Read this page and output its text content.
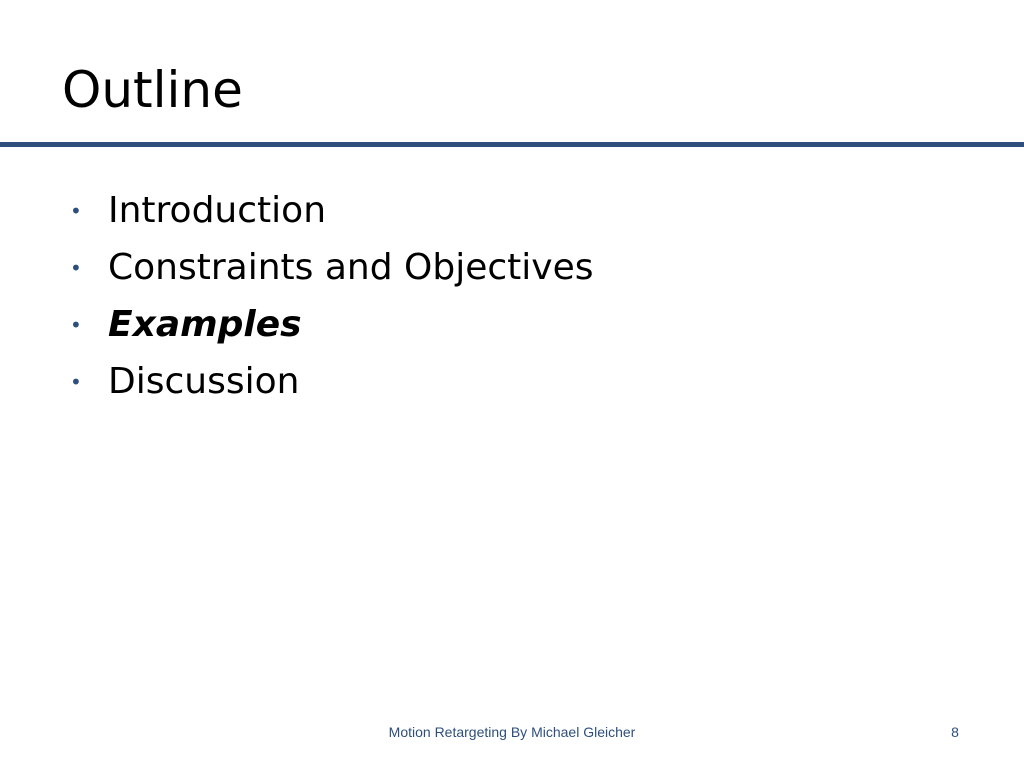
Outline
• Introduction
• Constraints and Objectives
• Examples
• Discussion
Motion Retargeting By Michael Gleicher	8
